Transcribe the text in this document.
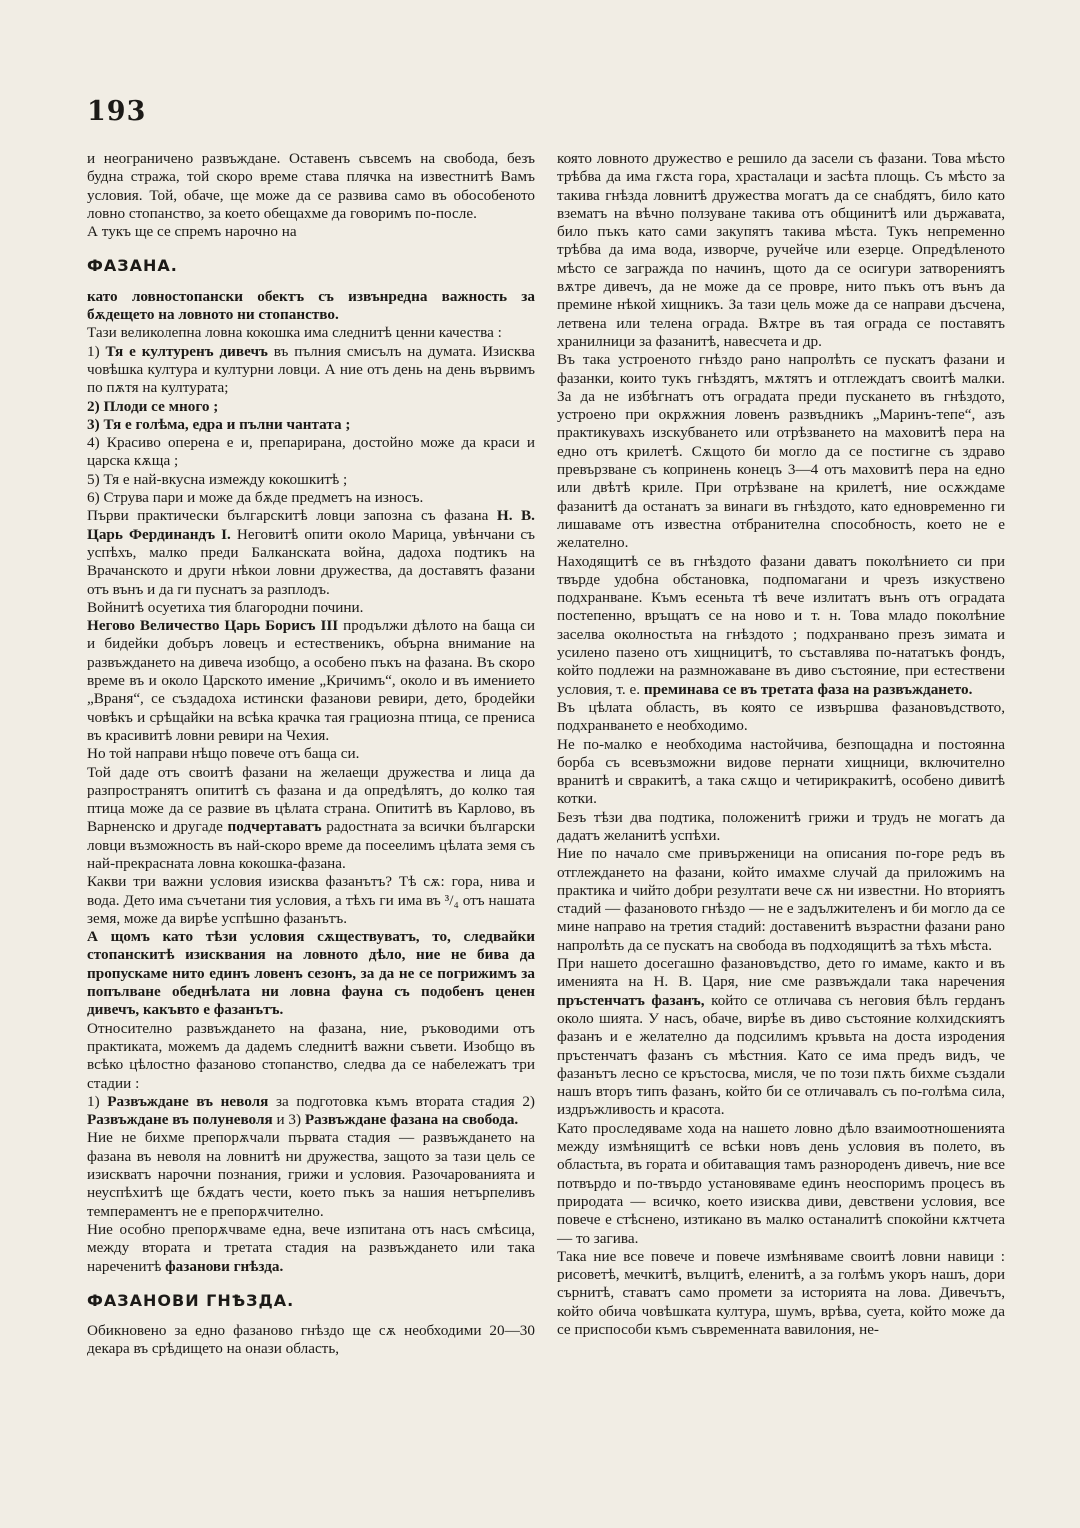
193

и неограничено развъждане. Оставенъ съвсемъ на свобода, безъ будна стража, той скоро време става плячка на известнитѣ Вамъ условия. Той, обаче, ще може да се развива само въ обособеното ловно стопанство, за което обещахме да говоримъ по-после.

А тукъ ще се спремъ нарочно на

ФАЗАНА.

като ловностопански обектъ съ извънредна важность за бѫдещето на ловното ни стопанство.

Тази великолепна ловна кокошка има следнитѣ ценни качества :

1) Тя е културенъ дивечъ въ пълния смисълъ на думата. Изисква човѣшка култура и културни ловци. А ние отъ день на день вървимъ по пѫтя на културата;

2) Плоди се много ;

3) Тя е голѣма, едра и пълни чантата ;

4) Красиво оперена е и, препарирана, достойно може да краси и царска кѫща ;

5) Тя е най-вкусна измежду кокошкитѣ ;

6) Струва пари и може да бѫде предметъ на износъ.

Първи практически българскитѣ ловци запозна съ фазана Н. В. Царь Фердинандъ I. Неговитѣ опити около Марица, увѣнчани съ успѣхъ, малко преди Балканската война, дадоха подтикъ на Врачанското и други нѣкои ловни дружества, да доставятъ фазани отъ вънъ и да ги пуснатъ за разплодъ.

Войнитѣ осуетиха тия благородни почини.

Негово Величество Царь Борисъ III продължи дѣлото на баща си и бидейки добъръ ловецъ и естественикъ, обърна внимание на развъждането на дивеча изобщо, а особено пъкъ на фазана. Въ скоро време въ и около Царското имение „Кричимъ“, около и въ имението „Враня“, се създадоха истински фазанови ревири, дето, бродейки човѣкъ и срѣщайки на всѣка крачка тая грациозна птица, се прениса въ красивитѣ ловни ревири на Чехия.

Но той направи нѣщо повече отъ баща си.

Той даде отъ своитѣ фазани на желаещи дружества и лица да разпространятъ опититѣ съ фазана и да опредѣлятъ, до колко тая птица може да се развие въ цѣлата страна. Опититѣ въ Карлово, въ Варненско и другаде подчертаватъ радостната за всички български ловци възможность въ най-скоро време да посеелимъ цѣлата земя съ най-прекрасната ловна кокошка-фазана.

Какви три важни условия изисква фазанътъ? Тѣ сѫ: гора, нива и вода. Дето има съчетани тия условия, а тѣхъ ги има въ ³/₄ отъ нашата земя, може да вирѣе успѣшно фазанътъ.

А щомъ като тѣзи условия сѫществуватъ, то, следвайки стопанскитѣ изисквания на ловното дѣло, ние не бива да пропускаме нито единъ ловенъ сезонъ, за да не се погрижимъ за попълване обеднѣлата ни ловна фауна съ подобенъ ценен дивечъ, какъвто е фазанътъ.

Относително развъждането на фазана, ние, ръководими отъ практиката, можемъ да дадемъ следнитѣ важни съвети. Изобщо въ всѣко цѣлостно фазаново стопанство, следва да се набележатъ три стадии :

1) Развъждане въ неволя за подготовка къмъ втората стадия 2) Развъждане въ полуневоля и 3) Развъждане фазана на свобода.

Ние не бихме препорѫчали първата стадия — развъждането на фазана въ неволя на ловнитѣ ни дружества, защото за тази цель се изискватъ нарочни познания, грижи и условия. Разочарованията и неуспѣхитѣ ще бѫдатъ чести, което пъкъ за нашия нетърпеливъ темпераментъ не е препорѫчително.

Ние особно препорѫчваме една, вече изпитана отъ насъ смѣсица, между втората и третата стадия на развъждането или така нареченитѣ фазанови гнѣзда.

ФАЗАНОВИ ГНѢЗДА.

Обикновено за едно фазаново гнѣздо ще сѫ необходими 20—30 декара въ срѣдището на онази область,

която ловното дружество е решило да засели съ фазани. Това мѣсто трѣбва да има гѫста гора, храсталаци и засѣта площь. Съ мѣсто за такива гнѣзда ловнитѣ дружества могатъ да се снабдятъ, било като взематъ на вѣчно ползуване такива отъ общинитѣ или държавата, било пъкъ като сами закупятъ такива мѣста. Тукъ непременно трѣбва да има вода, изворче, ручейче или езерце. Опредѣленото мѣсто се заграждa по начинъ, щото да се осигури затворениятъ вѫтре дивечъ, да не може да се провре, нито пъкъ отъ вънъ да премине нѣкой хищникъ. За тази цель може да се направи дъсчена, летвена или телена ограда. Вѫтре въ тая ограда се поставятъ хранилници за фазанитѣ, навесчета и др.

Въ така устроеното гнѣздо рано напролѣть се пускатъ фазани и фазанки, които тукъ гнѣздятъ, мѫтятъ и отглеждатъ своитѣ малки. За да не избѣгнатъ отъ оградата преди пускането въ гнѣздото, устроено при окрѫжния ловенъ развъдникъ „Маринъ-тепе“, азъ практикувахъ изскубването или отрѣзването на маховитѣ пера на едно отъ крилетѣ. Сѫщото би могло да се постигне съ здраво превързване съ копринень конецъ 3—4 отъ маховитѣ пера на едно или двѣтѣ криле. При отрѣзване на крилетѣ, ние осѫждаме фазанитѣ да останатъ за винаги въ гнѣздото, като едновременно ги лишаваме отъ известна отбранителна способность, което не е желателно.

Находящитѣ се въ гнѣздото фазани даватъ поколѣнието си при твърде удобна обстановка, подпомагани и чрезъ изкуствено подхранване. Къмъ есеньта тѣ вече излитатъ вънъ отъ оградата постепенно, връщатъ се на ново и т. н. Това младо поколѣние заселва околностьта на гнѣздото ; подхранвано презъ зимата и усилено пазено отъ хищницитѣ, то съставлява по-нататъкъ фондъ, който подлежи на размножаване въ диво състояние, при естествени условия, т. е. преминава се въ третата фаза на развъждането.

Въ цѣлата область, въ която се извършва фазановъдството, подхранването е необходимо.

Не по-малко е необходима настойчива, безпощадна и постоянна борба съ всевъзможни видове пернати хищници, включително вранитѣ и свракитѣ, а така сѫщо и четирикракитѣ, особено дивитѣ котки.

Безъ тѣзи два подтика, положенитѣ грижи и трудъ не могатъ да дадатъ желанитѣ успѣхи.

Ние по начало сме привърженици на описания по-горе редъ въ отглеждането на фазани, който имахме случай да приложимъ на практика и чийто добри резултати вече сѫ ни известни. Но вториятъ стадий — фазановото гнѣздо — не е задължителенъ и би могло да се мине направо на третия стадий: доставенитѣ възрастни фазани рано напролѣть да се пускатъ на свобода въ подходящитѣ за тѣхъ мѣста.

При нашето досегашно фазановъдство, дето го имаме, както и въ именията на Н. В. Царя, ние сме развъждали така наречения пръстенчатъ фазанъ, който се отличава съ неговия бѣлъ герданъ около шията. У насъ, обаче, вирѣе въ диво състояние колхидскиятъ фазанъ и е желателно да подсилимъ кръвьта на доста изродения пръстенчатъ фазанъ съ мѣстния. Като се има предъ видъ, че фазанътъ лесно се кръстосва, мисля, че по този пѫть бихме създали нашъ вторъ типъ фазанъ, който би се отличавалъ съ по-голѣма сила, издръжливость и красота.

Като проследяваме хода на нашето ловно дѣло взаимоотношенията между измѣнящитѣ се всѣки новъ день условия въ полето, въ областьта, въ гората и обитаващия тамъ разнороденъ дивечъ, ние все потвърдо и по-твърдо установяваме единъ неоспоримъ процесъ въ природата — всичко, което изисква диви, девствени условия, все повече е стѣснено, изтикано въ малко останалитѣ спокойни кѫтчета — то загива.

Така ние все повече и повече измѣняваме своитѣ ловни навици : рисоветѣ, мечкитѣ, вълцитѣ, еленитѣ, а за голѣмъ укоръ нашъ, дори сърнитѣ, ставатъ само промети за историята на лова. Дивечътъ, който обича човѣшката култура, шумъ, врѣва, суета, който може да се приспособи къмъ съвременната вавилония, не-
